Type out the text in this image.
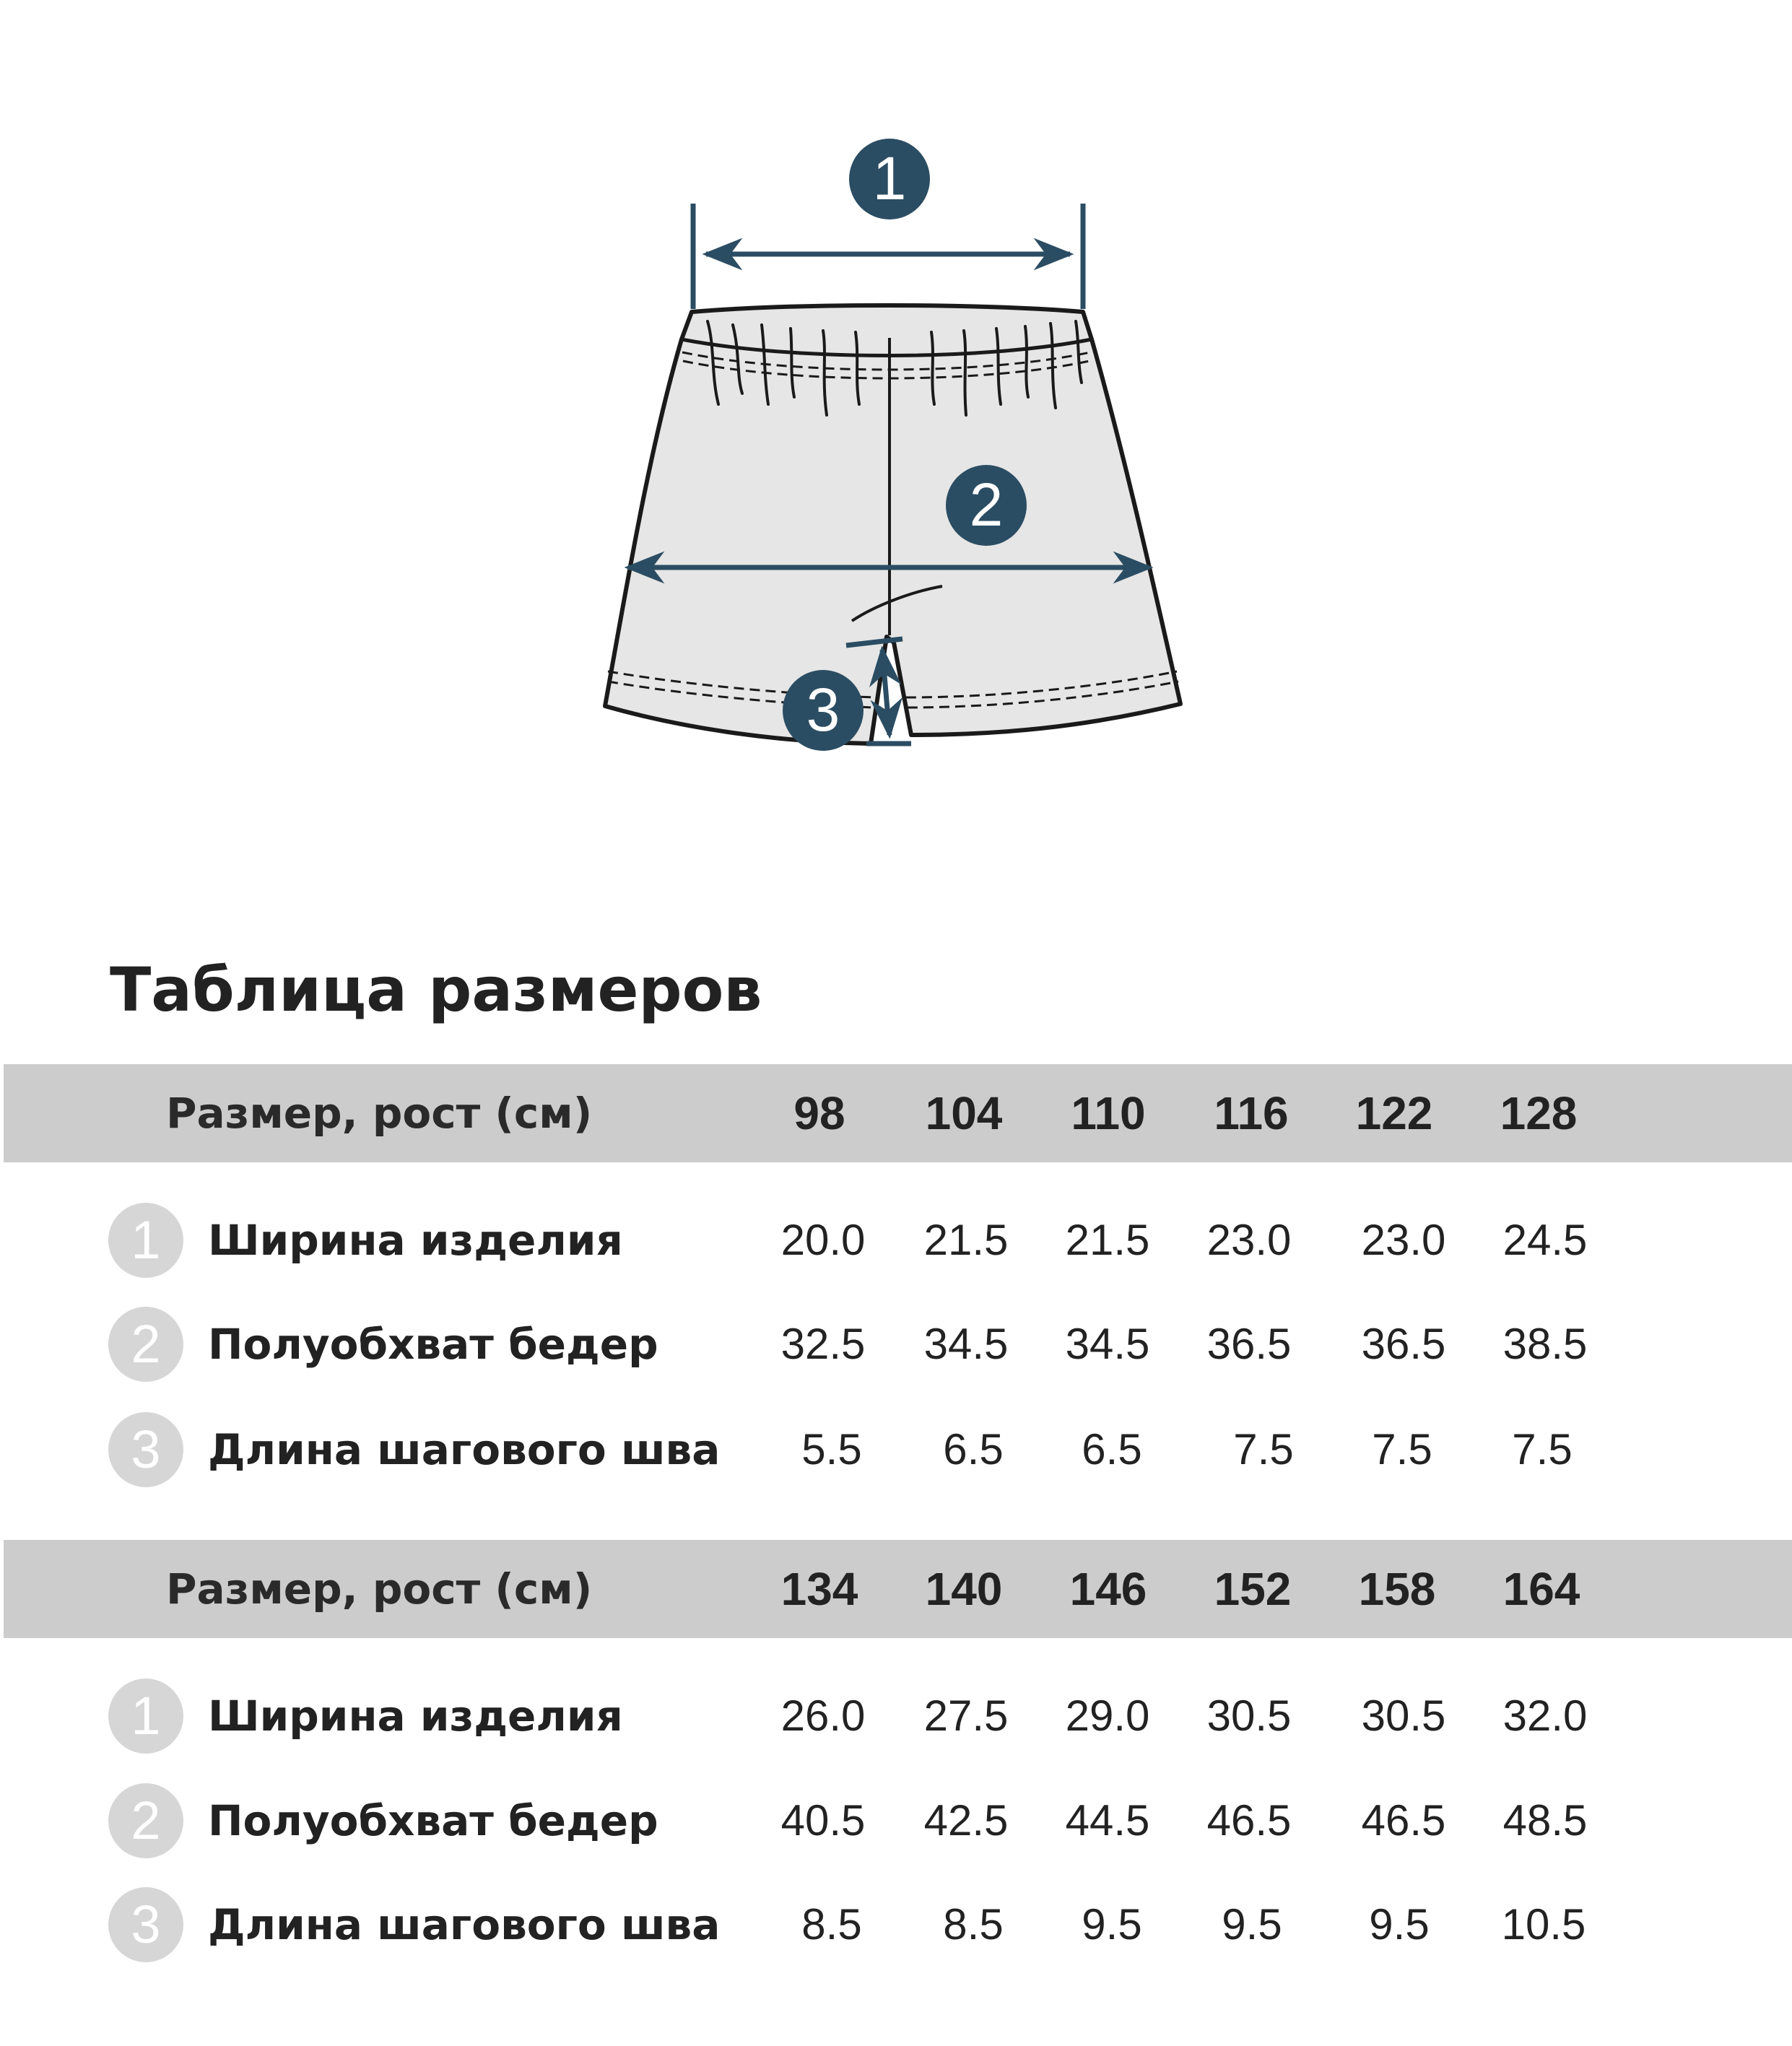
1
2
3
Таблица размеров
Размер, рост (см)	98	104	110	116	122	128
1	Ширина изделия	20.0	21.5	21.5	23.0	23.0	24.5
2	Полуобхват бедер	32.5	34.5	34.5	36.5	36.5	38.5
3	Длина шагового шва	5.5	6.5	6.5	7.5	7.5	7.5
Размер, рост (см)	134	140	146	152	158	164
1	Ширина изделия	26.0	27.5	29.0	30.5	30.5	32.0
2	Полуобхват бедер	40.5	42.5	44.5	46.5	46.5	48.5
3	Длина шагового шва	8.5	8.5	9.5	9.5	9.5	10.5
